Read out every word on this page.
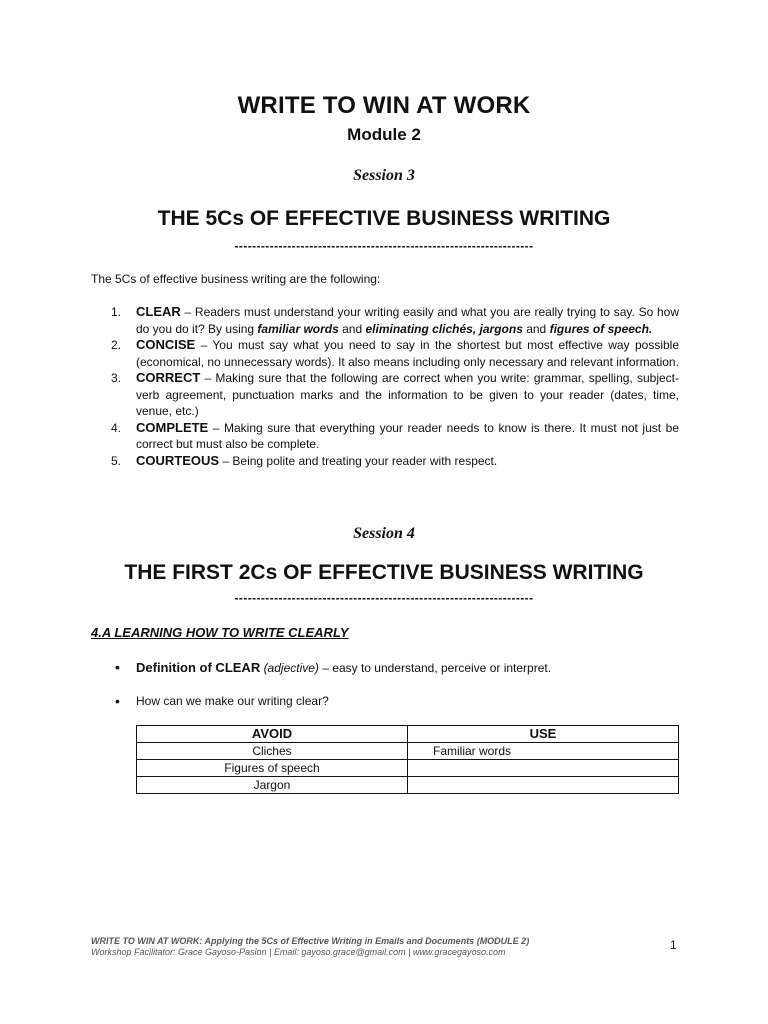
WRITE TO WIN AT WORK
Module 2
Session 3
THE 5Cs OF EFFECTIVE BUSINESS WRITING
--------------------------------------------------------------------
The 5Cs of effective business writing are the following:
1. CLEAR – Readers must understand your writing easily and what you are really trying to say. So how do you do it? By using familiar words and eliminating clichés, jargons and figures of speech.
2. CONCISE – You must say what you need to say in the shortest but most effective way possible (economical, no unnecessary words). It also means including only necessary and relevant information.
3. CORRECT – Making sure that the following are correct when you write: grammar, spelling, subject-verb agreement, punctuation marks and the information to be given to your reader (dates, time, venue, etc.)
4. COMPLETE – Making sure that everything your reader needs to know is there. It must not just be correct but must also be complete.
5. COURTEOUS – Being polite and treating your reader with respect.
Session 4
THE FIRST 2Cs OF EFFECTIVE BUSINESS WRITING
--------------------------------------------------------------------
4.A LEARNING HOW TO WRITE CLEARLY
• Definition of CLEAR (adjective) – easy to understand, perceive or interpret.
• How can we make our writing clear?
AVOID	USE
Cliches	Familiar words
Figures of speech	
Jargon	
WRITE TO WIN AT WORK: Applying the 5Cs of Effective Writing in Emails and Documents (MODULE 2)
Workshop Facilitator: Grace Gayoso-Pasion | Email: gayoso.grace@gmail.com | www.gracegayoso.com	1
